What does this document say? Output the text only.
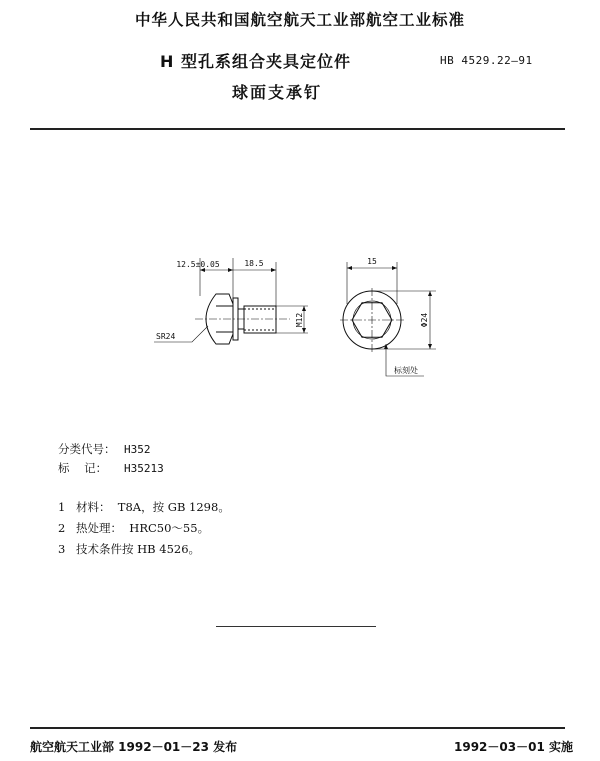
中华人民共和国航空航天工业部航空工业标准
H 型孔系组合夹具定位件
球面支承钉
HB 4529.22—91
12.5±0.05	18.5
M12
SR24
15
Φ24
标刻处
分类代号： H352
标    记： H35213
1 材料：  T8A，按 GB 1298。
2 热处理：  HRC50～55。
3 技术条件按 HB 4526。
航空航天工业部 1992－01－23 发布	1992－03－01 实施
